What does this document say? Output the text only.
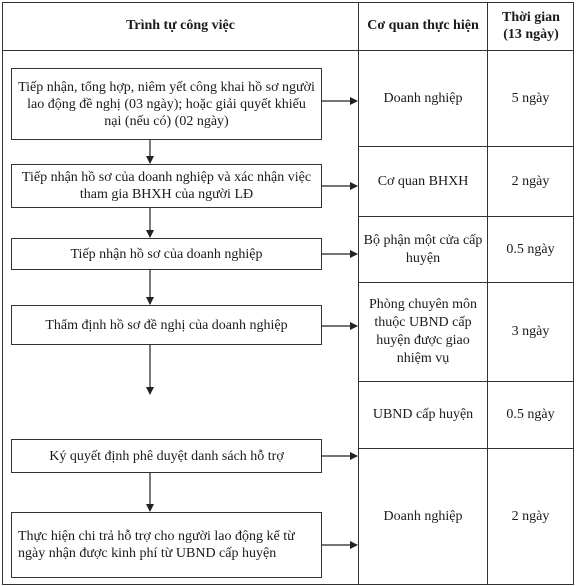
Trình tự công việc	Cơ quan thực hiện
Thời gian (13 ngày)
Tiếp nhận, tổng hợp, niêm yết công khai hồ sơ người lao động đề nghị (03 ngày); hoặc giải quyết khiếu nại (nếu có) (02 ngày)
Tiếp nhận hồ sơ của doanh nghiệp và xác nhận việc tham gia BHXH của người LĐ
Tiếp nhận hồ sơ của doanh nghiệp
Thẩm định hồ sơ đề nghị của doanh nghiệp
Ký quyết định phê duyệt danh sách hỗ trợ
Thực hiện chi trả hỗ trợ cho người lao động kể từ ngày nhận được kinh phí từ UBND cấp huyện
Doanh nghiệp
Cơ quan BHXH
Bộ phận một cửa cấp huyện
Phòng chuyên môn thuộc UBND cấp huyện được giao nhiệm vụ
UBND cấp huyện
Doanh nghiệp
5 ngày
2 ngày
0.5 ngày
3 ngày
0.5 ngày
2 ngày
